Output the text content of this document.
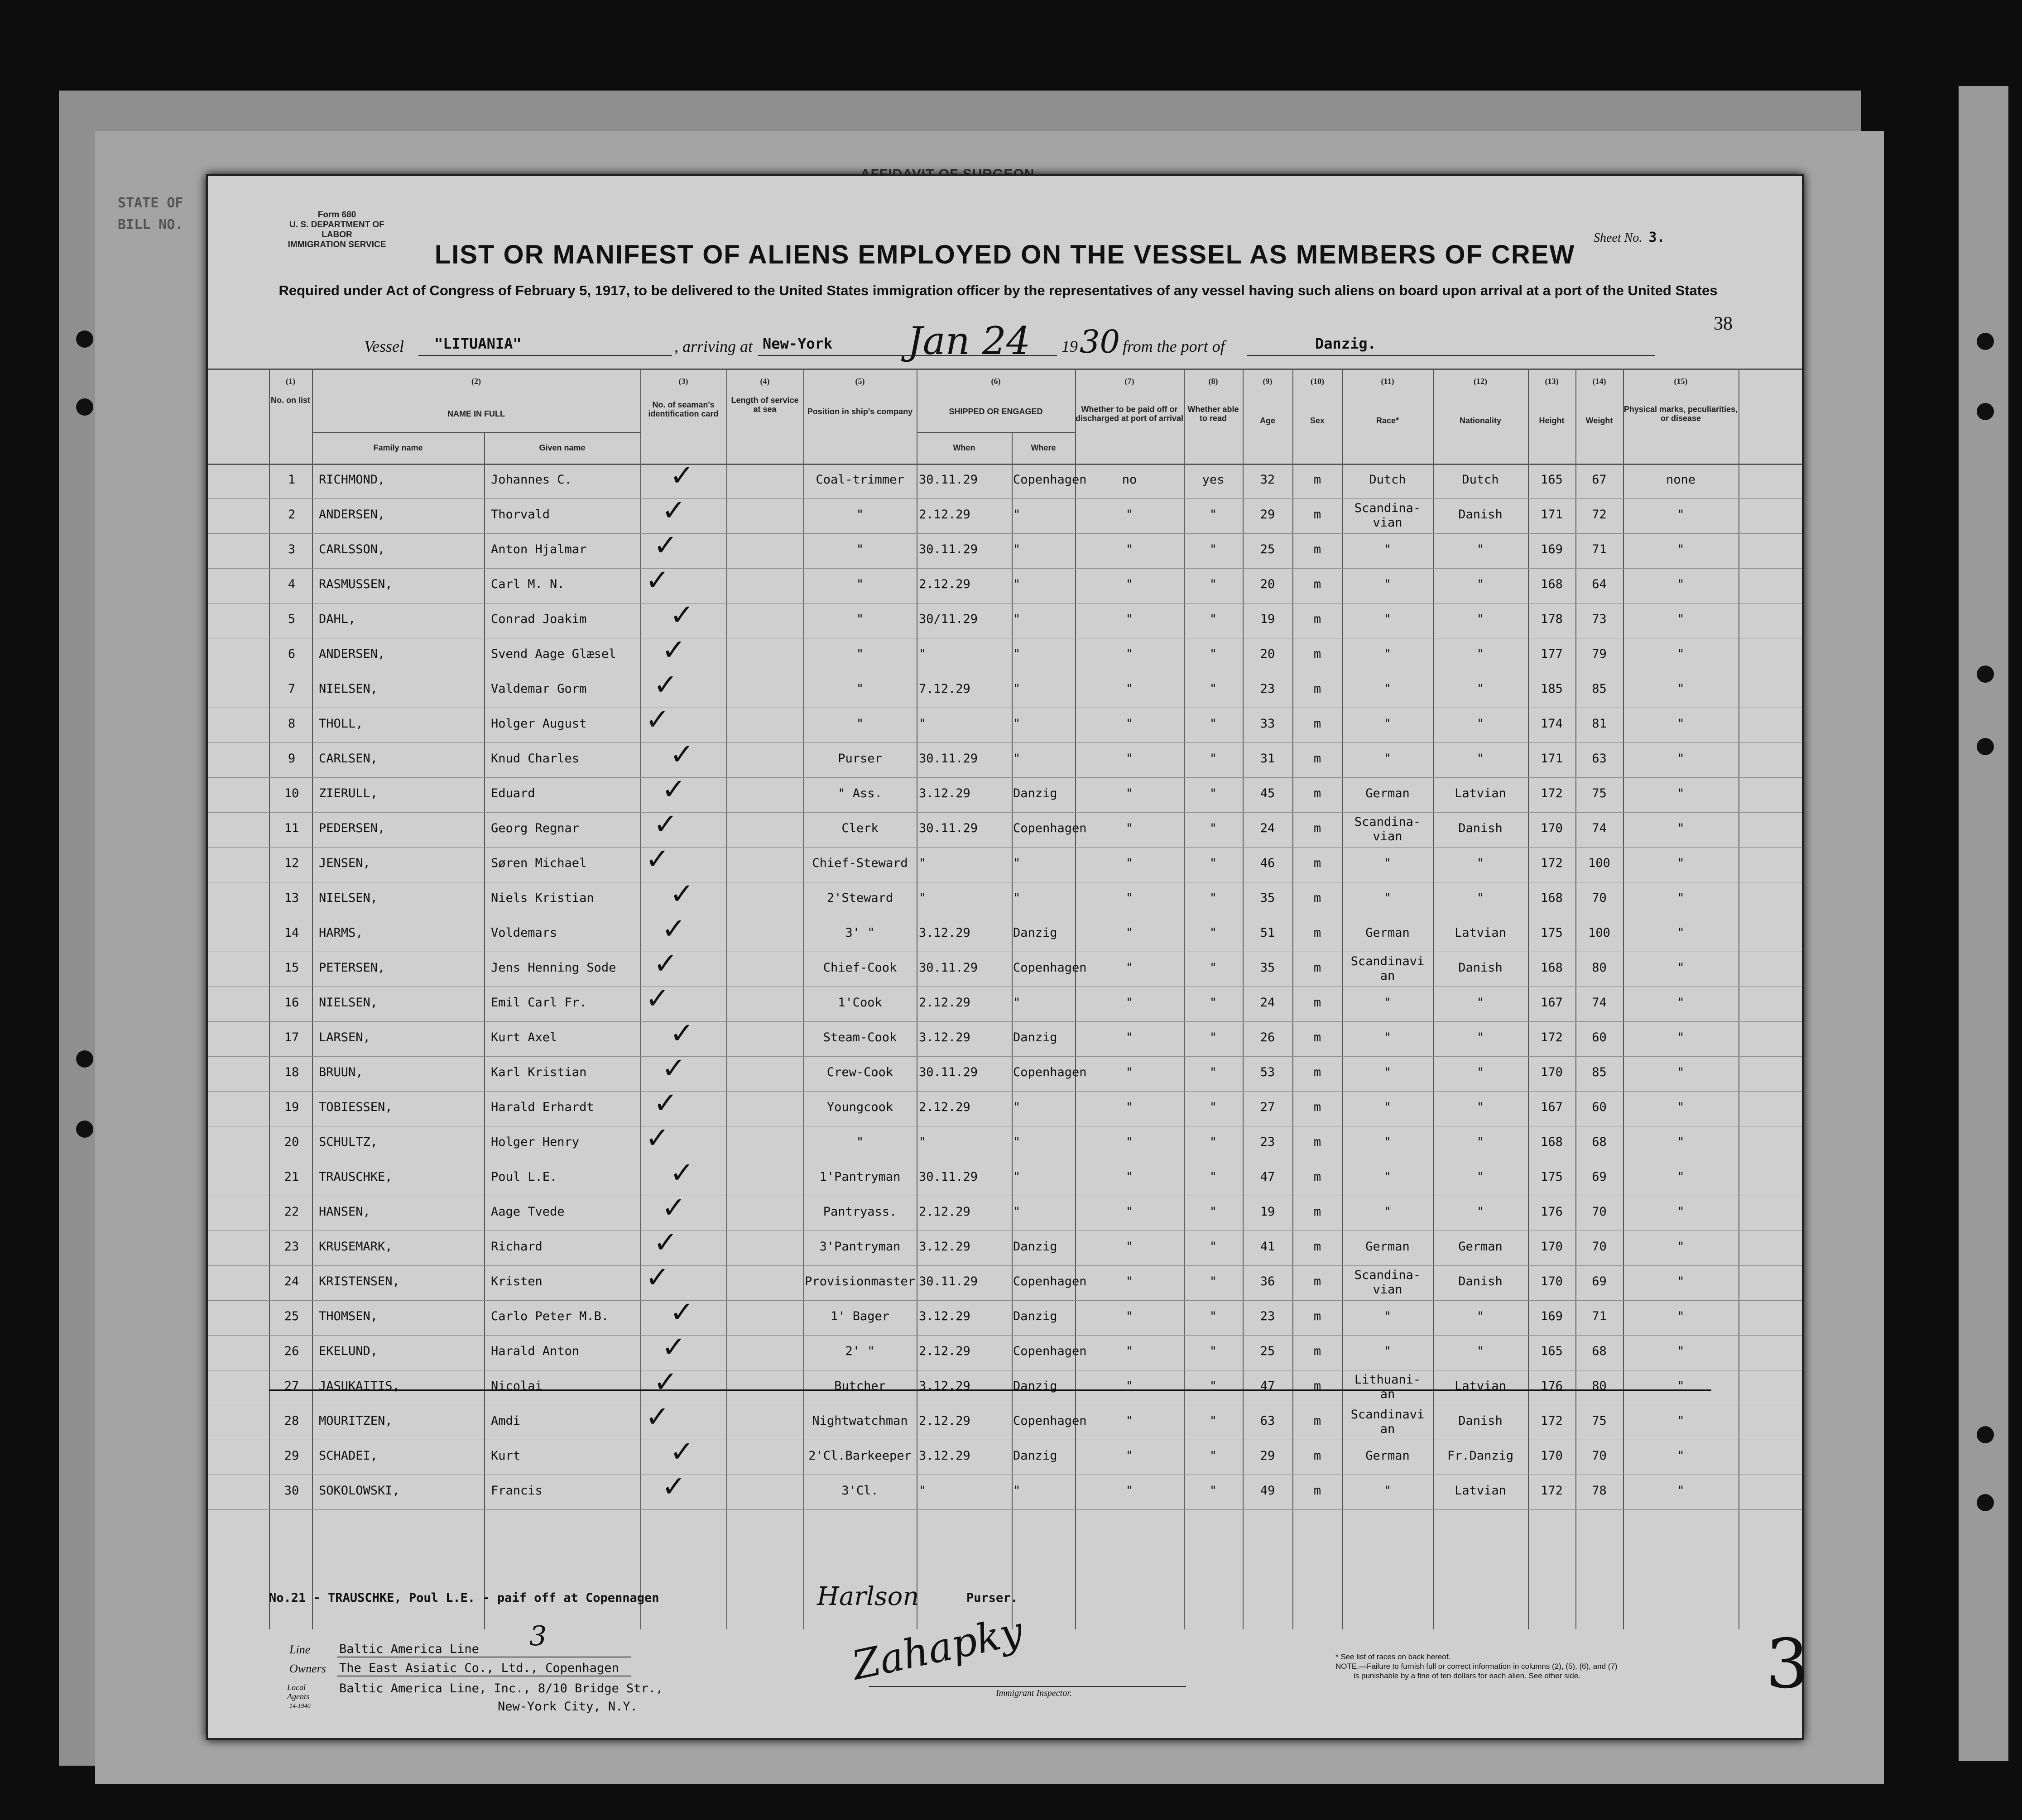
STATE OF
BILL NO.
Form 680
U. S. DEPARTMENT OF LABOR
IMMIGRATION SERVICE	LIST OR MANIFEST OF ALIENS EMPLOYED ON THE VESSEL AS MEMBERS OF CREW
Sheet No. 3.
Required under Act of Congress of February 5, 1917, to be delivered to the United States immigration officer by the representatives of any vessel having such aliens on board upon arrival at a port of the United States
38
Vessel "LITUANIA"	, arriving at New-York Jan 24 19 30 from the port of	Danzig.
(1)	(2)	(3)	(4)	(5)	(6)	(7)	(8)	(9)	(10)	(11)	(12)	(13)	(14)	(15)
No. on list
NAME IN FULL
Family name	Given name
No. of seaman's identification card
Length of service at sea	Position in ship's company	SHIPPED OR ENGAGED
When	Where
Whether to be paid off or discharged at port of arrival
Whether able to read	Age	Sex	Race*	Nationality	Height	Weight
Physical marks, peculiarities, or disease
1	RICHMOND,	Johannes C.	Coal-trimmer	30.11.29	Copenhagen	no	yes	32	m	Dutch	Dutch	165	67	none
✓
2	ANDERSEN,	Thorvald	"	2.12.29	"	"	"	29	m	Scandina-
vian
Danish	171	72	"
✓
3	CARLSSON,	Anton Hjalmar	"	30.11.29	"	"	"	25	m	"	"	169	71	"
✓
4	RASMUSSEN,	Carl M. N.	"	2.12.29	"	"	"	20	m	"	"	168	64	"
✓
5	DAHL,	Conrad Joakim	"	30/11.29	"	"	"	19	m	"	"	178	73	"
✓
6	ANDERSEN,	Svend Aage Glæsel	"	"	"	"	"	20	m	"	"	177	79	"
✓
7	NIELSEN,	Valdemar Gorm	"	7.12.29	"	"	"	23	m	"	"	185	85	"
✓
8	THOLL,	Holger August	"	"	"	"	"	33	m	"	"	174	81	"
✓
9	CARLSEN,	Knud Charles	Purser	30.11.29	"	"	"	31	m	"	"	171	63	"
✓
10	ZIERULL,	Eduard	" Ass.	3.12.29	Danzig	"	"	45	m	German	Latvian	172	75	"
✓
11	PEDERSEN,	Georg Regnar	Clerk	30.11.29	Copenhagen	"	"	24	m	Scandina-
vian
Danish	170	74	"
✓
12	JENSEN,	Søren Michael	Chief-Steward "	"	"	"	46	m	"	"	172	100	"
✓
13	NIELSEN,	Niels Kristian	2'Steward	"	"	"	"	35	m	"	"	168	70	"
✓
14	HARMS,	Voldemars	3' "	3.12.29	Danzig	"	"	51	m	German	Latvian	175	100	"
✓
15	PETERSEN,	Jens Henning Sode	Chief-Cook	30.11.29	Copenhagen	"	"	35	m	Scandinavi
an
Danish	168	80	"
✓
16	NIELSEN,	Emil Carl Fr.	1'Cook	2.12.29	"	"	"	24	m	"	"	167	74	"
✓
17	LARSEN,	Kurt Axel	Steam-Cook	3.12.29	Danzig	"	"	26	m	"	"	172	60	"
✓
18	BRUUN,	Karl Kristian	Crew-Cook	30.11.29	Copenhagen	"	"	53	m	"	"	170	85	"
✓
19	TOBIESSEN,	Harald Erhardt	Youngcook	2.12.29	"	"	"	27	m	"	"	167	60	"
✓
20	SCHULTZ,	Holger Henry	"	"	"	"	"	23	m	"	"	168	68	"
✓
21	TRAUSCHKE,	Poul L.E.	1'Pantryman	30.11.29	"	"	"	47	m	"	"	175	69	"
✓
22	HANSEN,	Aage Tvede	Pantryass.	2.12.29	"	"	"	19	m	"	"	176	70	"
✓
23	KRUSEMARK,	Richard	3'Pantryman	3.12.29	Danzig	"	"	41	m	German	German	170	70	"
✓
24	KRISTENSEN,	Kristen	Provisionmaster 30.11.29	Copenhagen	"	"	36	m	Scandina-
vian
Danish	170	69	"
✓
25	THOMSEN,	Carlo Peter M.B.	1' Bager	3.12.29	Danzig	"	"	23	m	"	"	169	71	"
✓
26	EKELUND,	Harald Anton	2' "	2.12.29	Copenhagen	"	"	25	m	"	"	165	68	"
✓
27	JASUKAITIS,	Nicolai	Butcher	3.12.29	Danzig	"	"	47	m	Lithuani-
an
Latvian	176	80	"
✓
28	MOURITZEN,	Amdi	Nightwatchman 2.12.29	Copenhagen	"	"	63	m	Scandinavi
an
Danish	172	75	"
✓
29	SCHADEI,	Kurt	2'Cl.Barkeeper 3.12.29	Danzig	"	"	29	m	German	Fr.Danzig	170	70	"
✓
30	SOKOLOWSKI,	Francis	3'Cl.	"	"	"	"	49	m	"	Latvian	172	78	"
✓
No.21 - TRAUSCHKE, Poul L.E. - paif off at Copennagen	Harlson	Purser.
Line Baltic America Line 3
Owners The East Asiatic Co., Ltd., Copenhagen
Local Agents
14-1940
Baltic America Line, Inc., 8/10 Bridge Str.,
New-York City, N.Y.
Zahapky
Immigrant Inspector.
* See list of races on back hereof.
NOTE.—Failure to furnish full or correct information in columns (2), (5), (6), and (7)
is punishable by a fine of ten dollars for each alien. See other side.	3
